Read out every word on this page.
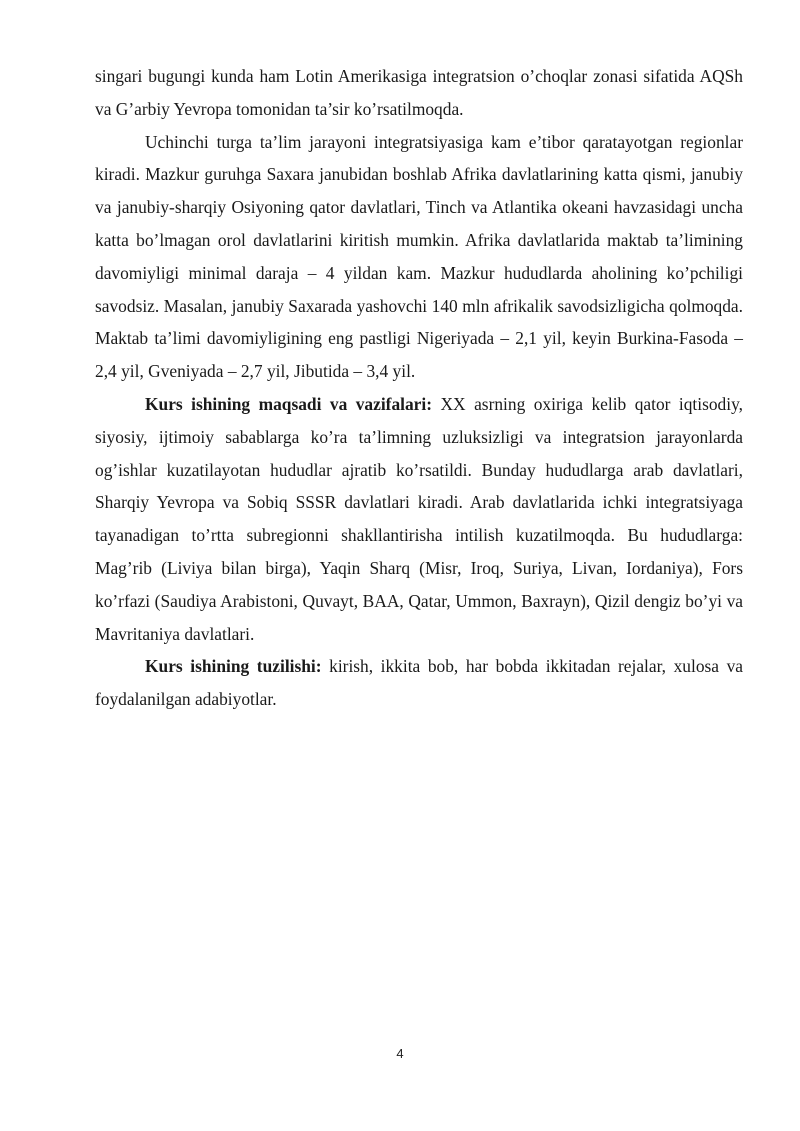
singari bugungi kunda ham Lotin Amerikasiga integratsion o’choqlar zonasi sifatida AQSh va G’arbiy Yevropa tomonidan ta’sir ko’rsatilmoqda.

Uchinchi turga ta’lim jarayoni integratsiyasiga kam e’tibor qaratayotgan regionlar kiradi. Mazkur guruhga Saxara janubidan boshlab Afrika davlatlarining katta qismi, janubiy va janubiy-sharqiy Osiyoning qator davlatlari, Tinch va Atlantika okeani havzasidagi uncha katta bo’lmagan orol davlatlarini kiritish mumkin. Afrika davlatlarida maktab ta’limining davomiyligi minimal daraja – 4 yildan kam. Mazkur hududlarda aholining ko’pchiligi savodsiz. Masalan, janubiy Saxarada yashovchi 140 mln afrikalik savodsizligicha qolmoqda. Maktab ta’limi davomiyligining eng pastligi Nigeriyada – 2,1 yil, keyin Burkina-Fasoda – 2,4 yil, Gveniyada – 2,7 yil, Jibutida – 3,4 yil.

Kurs ishining maqsadi va vazifalari: XX asrning oxiriga kelib qator iqtisodiy, siyosiy, ijtimoiy sabablarga ko’ra ta’limning uzluksizligi va integratsion jarayonlarda og’ishlar kuzatilayotan hududlar ajratib ko’rsatildi. Bunday hududlarga arab davlatlari, Sharqiy Yevropa va Sobiq SSSR davlatlari kiradi. Arab davlatlarida ichki integratsiyaga tayanadigan to’rtta subregionni shakllantirisha intilish kuzatilmoqda. Bu hududlarga: Mag’rib (Liviya bilan birga), Yaqin Sharq (Misr, Iroq, Suriya, Livan, Iordaniya), Fors ko’rfazi (Saudiya Arabistoni, Quvayt, BAA, Qatar, Ummon, Baxrayn), Qizil dengiz bo’yi va Mavritaniya davlatlari.

Kurs ishining tuzilishi: kirish, ikkita bob, har bobda ikkitadan rejalar, xulosa va foydalanilgan adabiyotlar.

4
